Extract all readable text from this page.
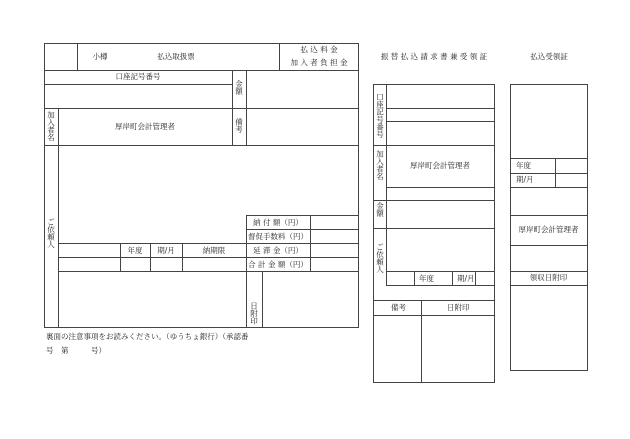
小樽	払込取扱票
払 込 料 金
加 入 者 負 担 金
口座記号番号
金額
加入者名	厚岸町会計管理者	備考
ご依頼人	納 付 額（円）
督促手数料（円）
延 滞 金（円）
合 計 金 額（円）
年度	期/月	納期限
日附印
裏面の注意事項をお読みください。（ゆうちょ銀行）（承認番
号　第　　　号）
振 替 払 込 請 求 書 兼 受 領 証
口座記号番号
加入者名	厚岸町会計管理者
金額
ご依頼人
年度	期/月
備考	日附印
払込受領証
年度
期/月
厚岸町会計管理者
領収日附印
